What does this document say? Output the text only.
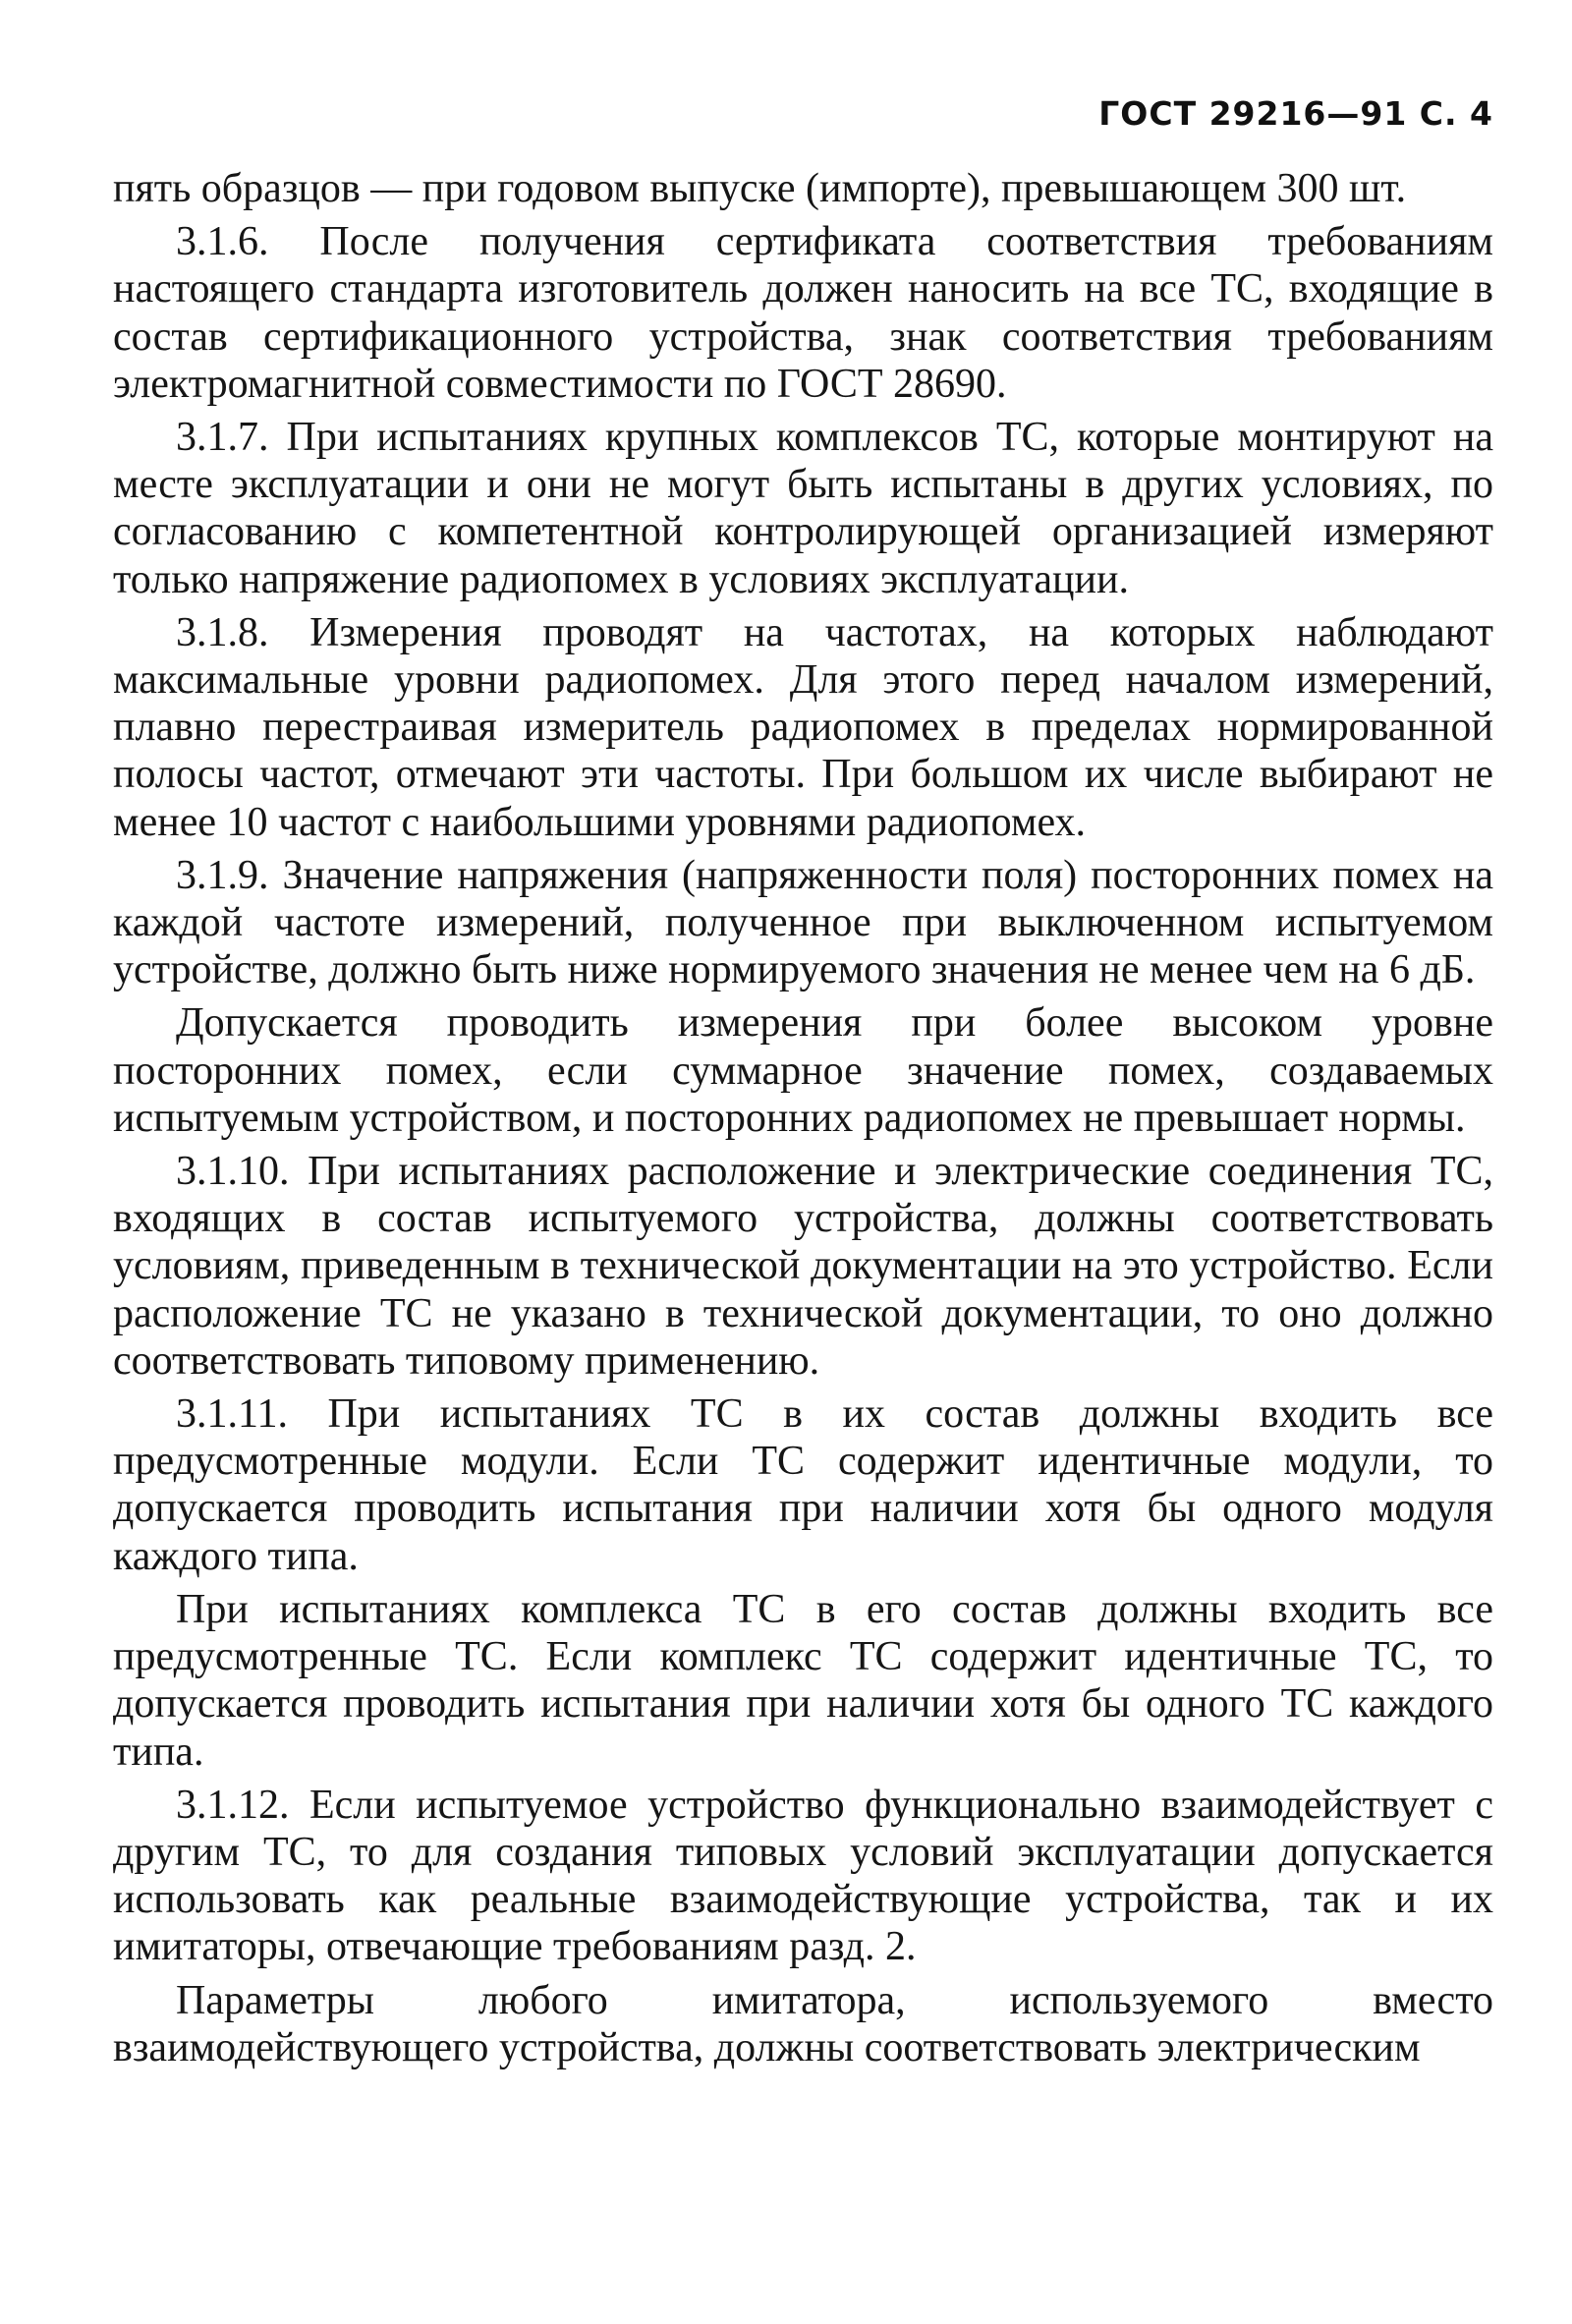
ГОСТ 29216—91 С. 4

пять образцов — при годовом выпуске (импорте), превышающем 300 шт.

3.1.6. После получения сертификата соответствия требованиям настоящего стандарта изготовитель должен наносить на все ТС, входящие в состав сертификационного устройства, знак соответствия требованиям электромагнитной совместимости по ГОСТ 28690.

3.1.7. При испытаниях крупных комплексов ТС, которые монтируют на месте эксплуатации и они не могут быть испытаны в других условиях, по согласованию с компетентной контролирующей организацией измеряют только напряжение радиопомех в условиях эксплуатации.

3.1.8. Измерения проводят на частотах, на которых наблюдают максимальные уровни радиопомех. Для этого перед началом измерений, плавно перестраивая измеритель радиопомех в пределах нормированной полосы частот, отмечают эти частоты. При большом их числе выбирают не менее 10 частот с наибольшими уровнями радиопомех.

3.1.9. Значение напряжения (напряженности поля) посторонних помех на каждой частоте измерений, полученное при выключенном испытуемом устройстве, должно быть ниже нормируемого значения не менее чем на 6 дБ.

Допускается проводить измерения при более высоком уровне посторонних помех, если суммарное значение помех, создаваемых испытуемым устройством, и посторонних радиопомех не превышает нормы.

3.1.10. При испытаниях расположение и электрические соединения ТС, входящих в состав испытуемого устройства, должны соответствовать условиям, приведенным в технической документации на это устройство. Если расположение ТС не указано в технической документации, то оно должно соответствовать типовому применению.

3.1.11. При испытаниях ТС в их состав должны входить все предусмотренные модули. Если ТС содержит идентичные модули, то допускается проводить испытания при наличии хотя бы одного модуля каждого типа.

При испытаниях комплекса ТС в его состав должны входить все предусмотренные ТС. Если комплекс ТС содержит идентичные ТС, то допускается проводить испытания при наличии хотя бы одного ТС каждого типа.

3.1.12. Если испытуемое устройство функционально взаимодействует с другим ТС, то для создания типовых условий эксплуатации допускается использовать как реальные взаимодействующие устройства, так и их имитаторы, отвечающие требованиям разд. 2.

Параметры любого имитатора, используемого вместо взаимодействующего устройства, должны соответствовать электрическим
